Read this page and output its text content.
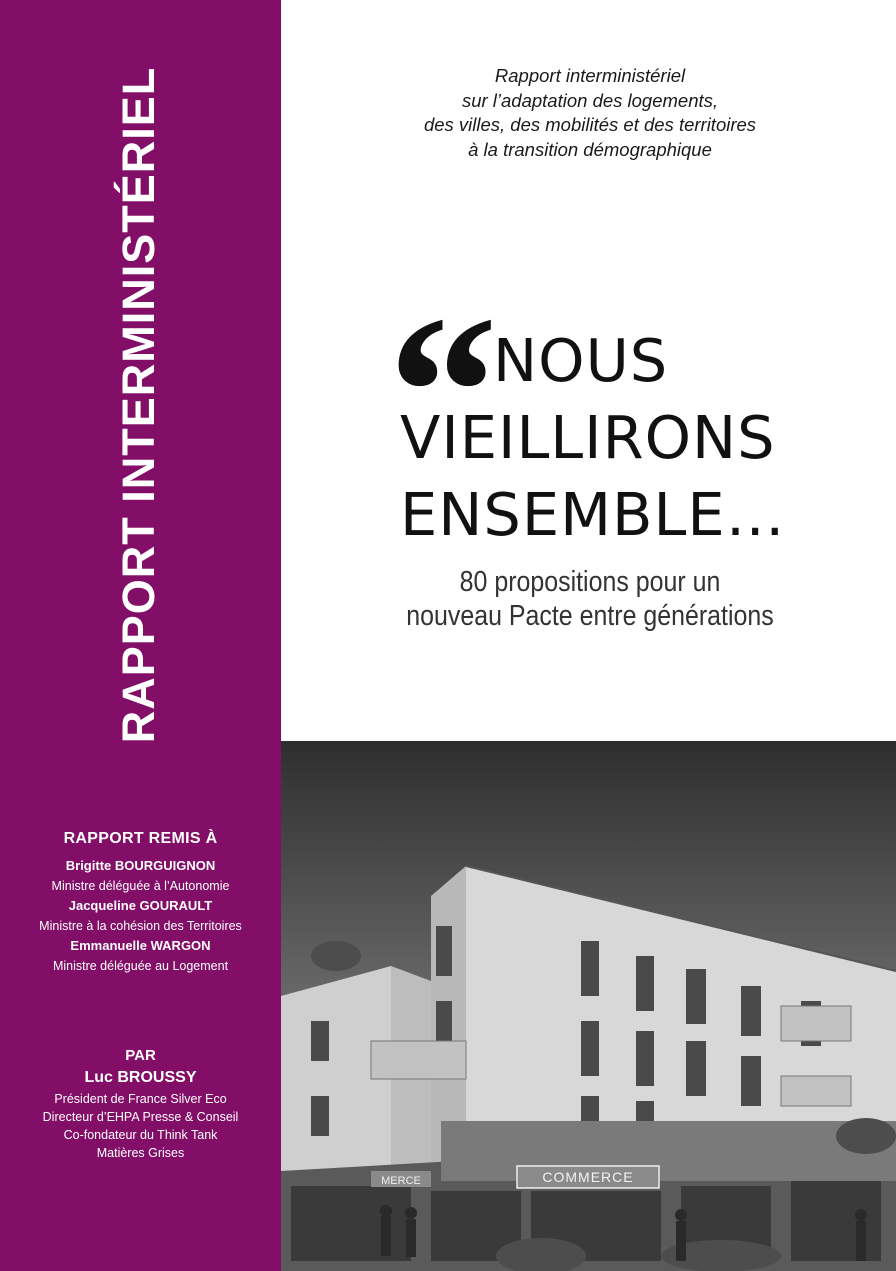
RAPPORT INTERMINISTÉRIEL
RAPPORT REMIS À
Brigitte BOURGUIGNON
Ministre déléguée à l’Autonomie
Jacqueline GOURAULT
Ministre à la cohésion des Territoires
Emmanuelle WARGON
Ministre déléguée au Logement
PAR
Luc BROUSSY
Président de France Silver Eco
Directeur d’EHPA Presse & Conseil
Co-fondateur du Think Tank
Matières Grises
Rapport interministériel
sur l’adaptation des logements,
des villes, des mobilités et des territoires
à la transition démographique
“
NOUS
VIEILLIRONS
ENSEMBLE…
80 propositions pour un
nouveau Pacte entre générations
COMMERCE
MERCE
